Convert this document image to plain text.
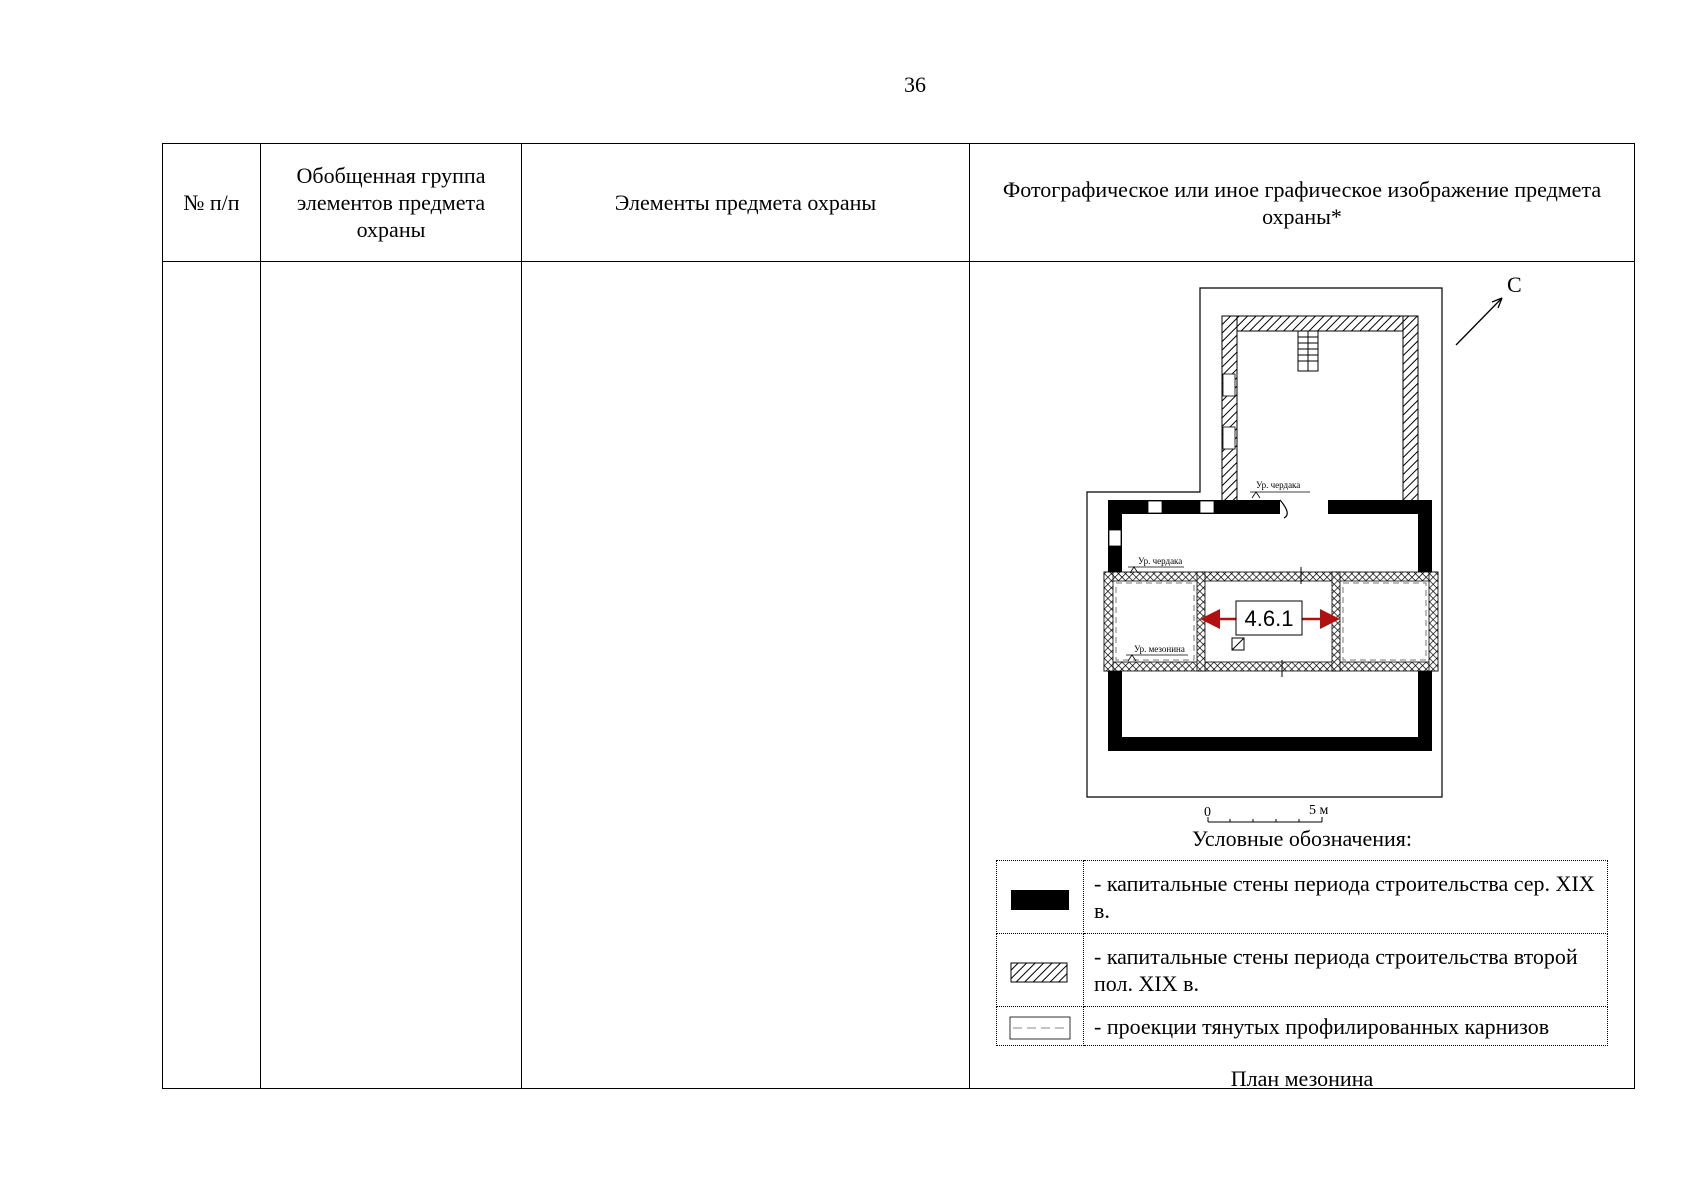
36
№ п/п	Обобщенная группа элементов предмета охраны	Элементы предмета охраны	Фотографическое или иное графическое изображение предмета охраны*

С
4.6.1
Ур. чердака
Ур. чердака
Ур. мезонина
0	5 м
Условные обозначения:
	- капитальные стены периода строительства сер. XIX в.
	- капитальные стены периода строительства второй пол. XIX в.
	- проекции тянутых профилированных карнизов
План мезонина
